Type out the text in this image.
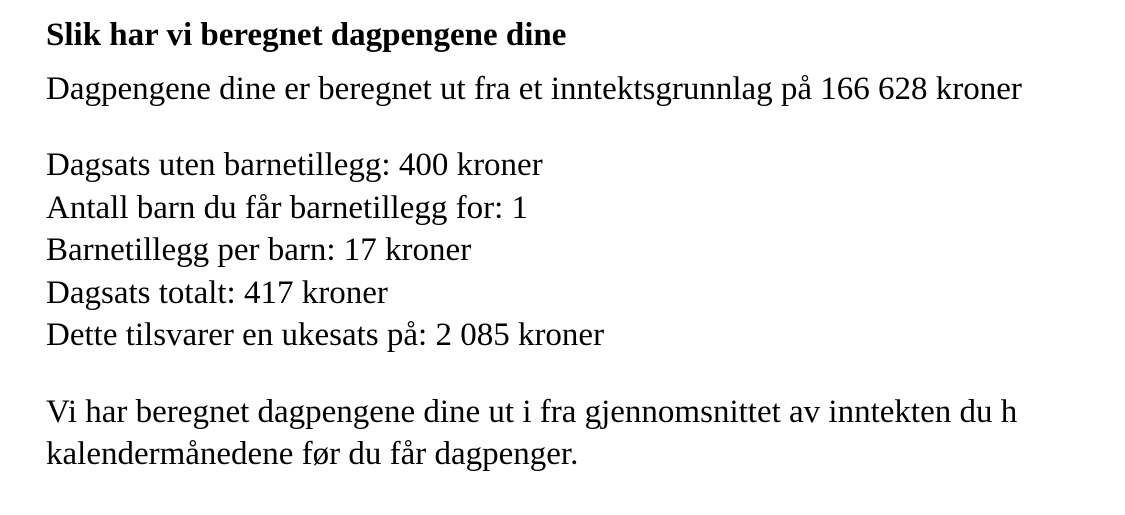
Slik har vi beregnet dagpengene dine

Dagpengene dine er beregnet ut fra et inntektsgrunnlag på 166 628 kroner

Dagsats uten barnetillegg: 400 kroner
Antall barn du får barnetillegg for: 1
Barnetillegg per barn: 17 kroner
Dagsats totalt: 417 kroner
Dette tilsvarer en ukesats på: 2 085 kroner

Vi har beregnet dagpengene dine ut i fra gjennomsnittet av inntekten du h
kalendermånedene før du får dagpenger.
